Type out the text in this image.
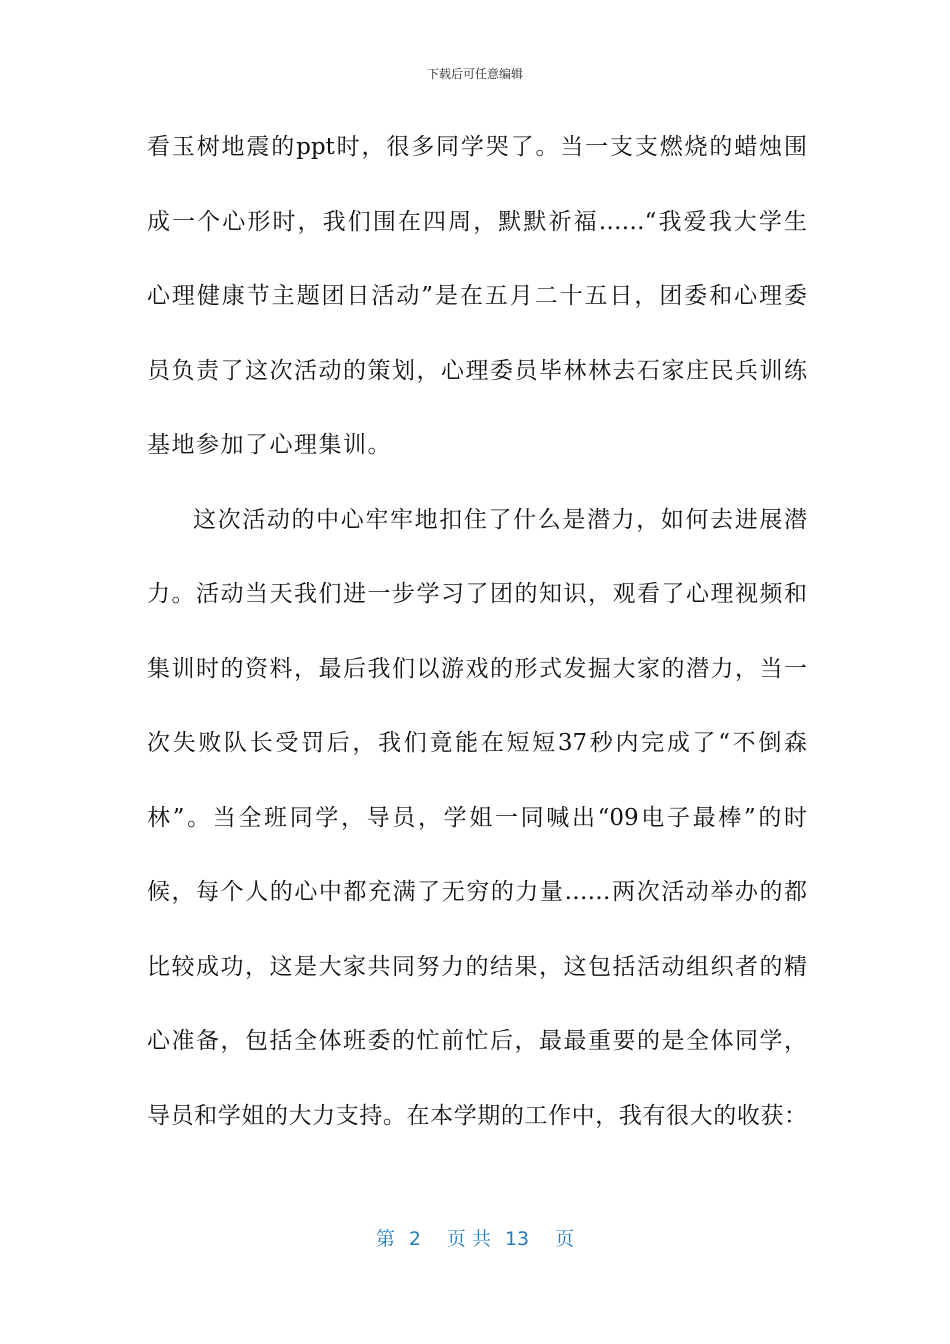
下载后可任意编辑
看玉树地震的ppt时，很多同学哭了。当一支支燃烧的蜡烛围
成一个心形时，我们围在四周，默默祈福……“我爱我大学生
心理健康节主题团日活动”是在五月二十五日，团委和心理委
员负责了这次活动的策划，心理委员毕林林去石家庄民兵训练
基地参加了心理集训。
这次活动的中心牢牢地扣住了什么是潜力，如何去进展潜
力。活动当天我们进一步学习了团的知识，观看了心理视频和
集训时的资料，最后我们以游戏的形式发掘大家的潜力，当一
次失败队长受罚后，我们竟能在短短37秒内完成了“不倒森
林”。当全班同学，导员，学姐一同喊出“09电子最棒”的时
候，每个人的心中都充满了无穷的力量……两次活动举办的都
比较成功，这是大家共同努力的结果，这包括活动组织者的精
心准备，包括全体班委的忙前忙后，最最重要的是全体同学，
导员和学姐的大力支持。在本学期的工作中，我有很大的收获：
第 2 页 共 13 页
